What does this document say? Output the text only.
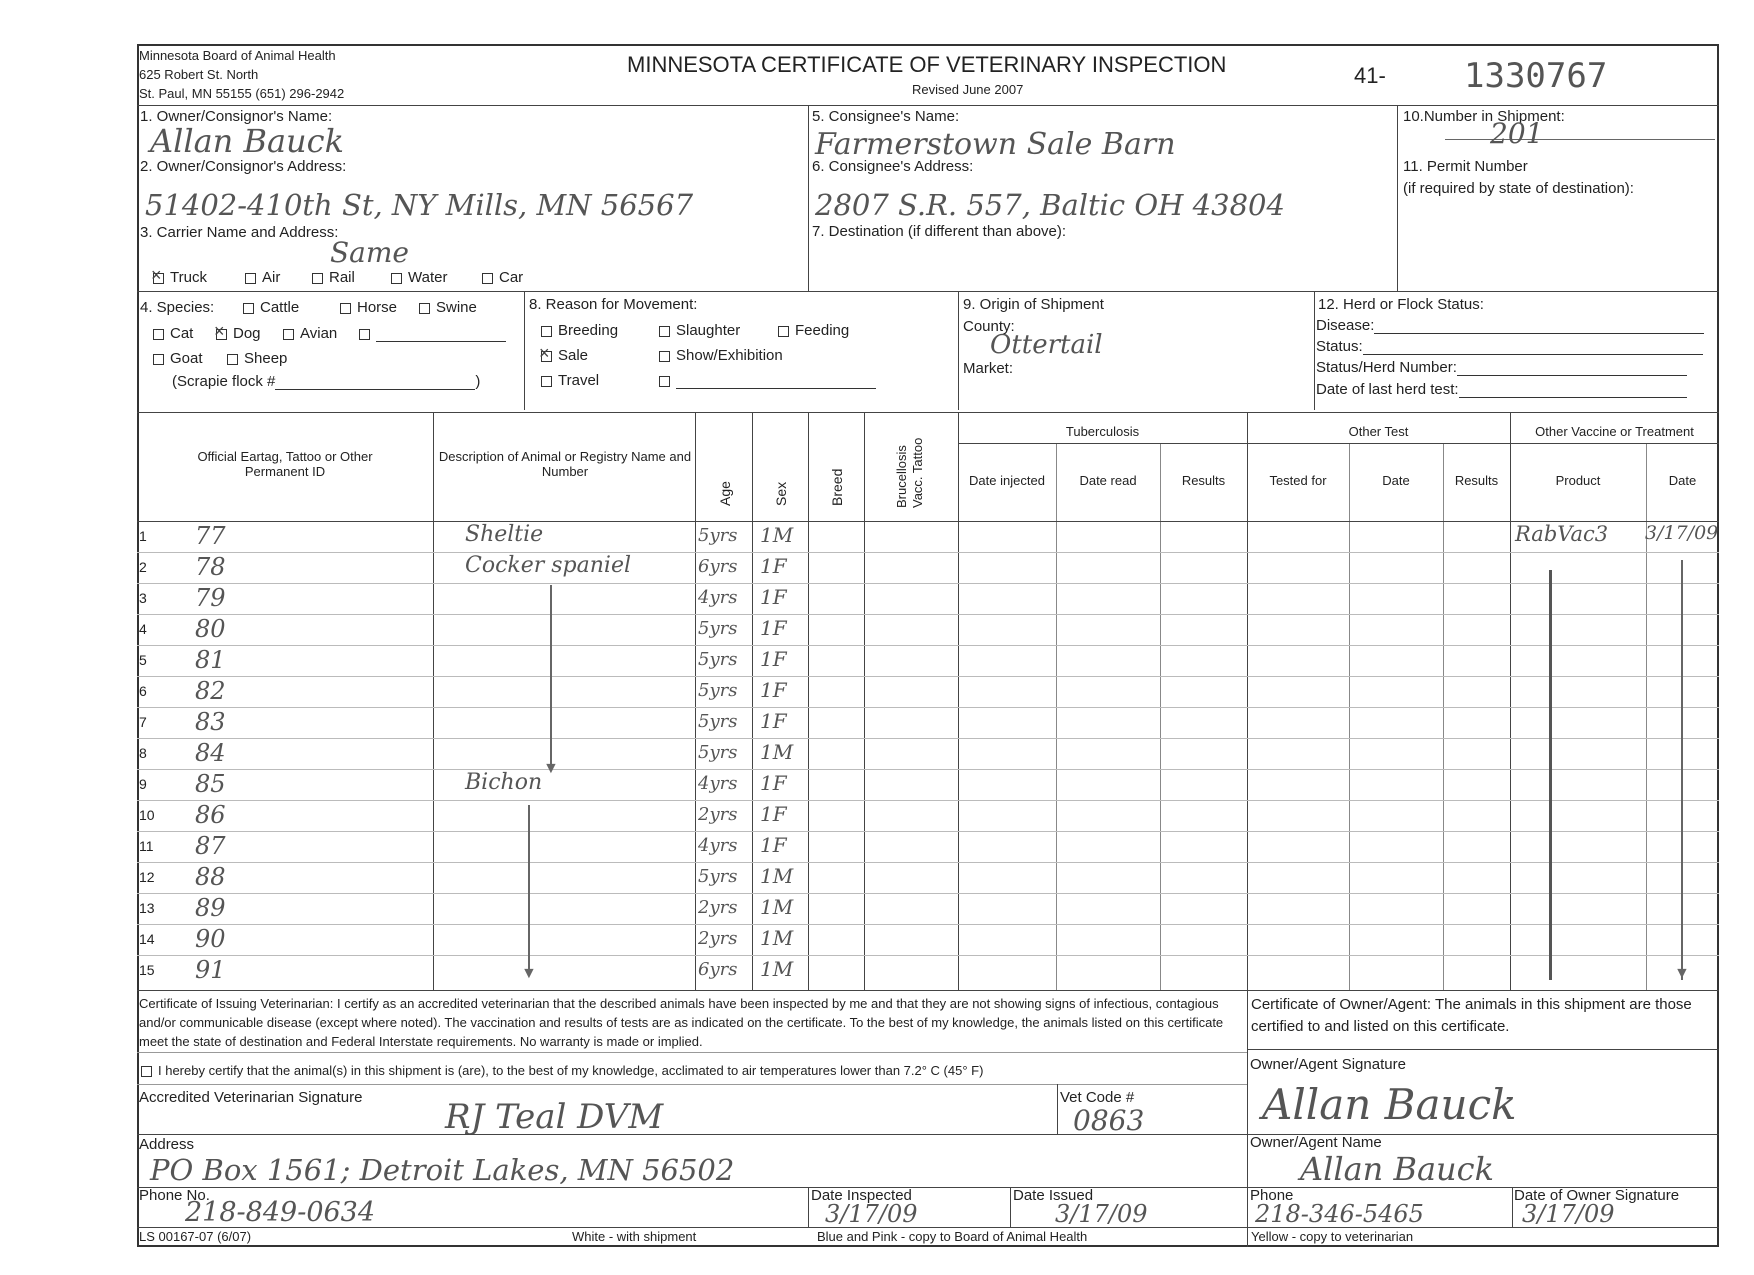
Minnesota Board of Animal Health
625 Robert St. North
St. Paul, MN 55155 (651) 296-2942
MINNESOTA CERTIFICATE OF VETERINARY INSPECTION
Revised June 2007
41- 1330767
1. Owner/Consignor's Name:
Allan Bauck
2. Owner/Consignor's Address:
51402-410th St, NY Mills, MN 56567
3. Carrier Name and Address:
Same
×Truck	Air	Rail	Water	Car
5. Consignee's Name:
Farmerstown Sale Barn
6. Consignee's Address:
2807 S.R. 557, Baltic OH 43804
7. Destination (if different than above):
10.Number in Shipment:
201
11. Permit Number
(if required by state of destination):
4. Species:	Cattle	Horse	Swine
Cat
×	Dog	Avian
Goat	Sheep
(Scrapie flock #	)
8. Reason for Movement:
Breeding	Slaughter	Feeding
×Sale	Show/Exhibition
Travel
9. Origin of Shipment
County:
Ottertail
Market:
12. Herd or Flock Status:
Disease:
Status:
Status/Herd Number:
Date of last herd test:
Official Eartag, Tattoo or Other Permanent ID
Description of Animal or Registry Name and Number
Age	Sex	Breed	Brucellosis Vacc. Tattoo
Tuberculosis
Date injected	Date read	Results
Other Test
Tested for	Date	Results
Other Vaccine or Treatment
Product	Date
1 77	Sheltie	5yrs 1M	RabVac3 3/17/09
2 78	Cocker spaniel	6yrs 1F
3 79	4yrs 1F
4 80	5yrs 1F
5 81	5yrs 1F
6 82	5yrs 1F
7 83	5yrs 1F
8 84	5yrs 1M
9 85	Bichon	4yrs 1F
10 86	2yrs 1F
11 87	4yrs 1F
12 88	5yrs 1M
13 89	2yrs 1M
14 90	2yrs 1M
15 91	6yrs 1M
▼
▼	▼
Certificate of Issuing Veterinarian: I certify as an accredited veterinarian that the described animals have been inspected by me and that they are not showing signs of infectious, contagious and/or communicable disease (except where noted). The vaccination and results of tests are as indicated on the certificate. To the best of my knowledge, the animals listed on this certificate meet the state of destination and Federal Interstate requirements. No warranty is made or implied.
I hereby certify that the animal(s) in this shipment is (are), to the best of my knowledge, acclimated to air temperatures lower than 7.2° C (45° F)
Accredited Veterinarian Signature RJ Teal DVM	Vet Code #
0863
Address
PO Box 1561; Detroit Lakes, MN 56502
Phone No.
218-849-0634
Date Inspected
3/17/09
Date Issued
3/17/09
Certificate of Owner/Agent: The animals in this shipment are those certified to and listed on this certificate.
Owner/Agent Signature
Allan Bauck
Owner/Agent Name
Allan Bauck
Phone
218-346-5465
Date of Owner Signature
3/17/09
LS 00167-07 (6/07)	White - with shipment	Blue and Pink - copy to Board of Animal Health	Yellow - copy to veterinarian
